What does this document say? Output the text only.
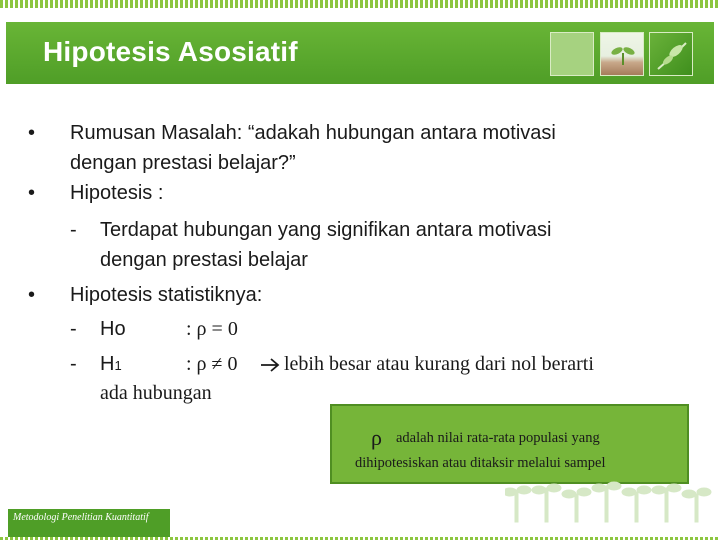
Hipotesis Asosiatif
• Rumusan Masalah: “adakah hubungan antara motivasi
dengan prestasi belajar?”
• Hipotesis :
- Terdapat hubungan yang signifikan antara motivasi
dengan prestasi belajar
• Hipotesis statistiknya:
- Ho	: ρ = 0
- H1	: ρ ≠ 0 lebih besar atau kurang dari nol berarti
ada hubungan
ρ adalah nilai rata-rata populasi yang
dihipotesiskan atau ditaksir melalui sampel
Metodologi Penelitian Kuantitatif
